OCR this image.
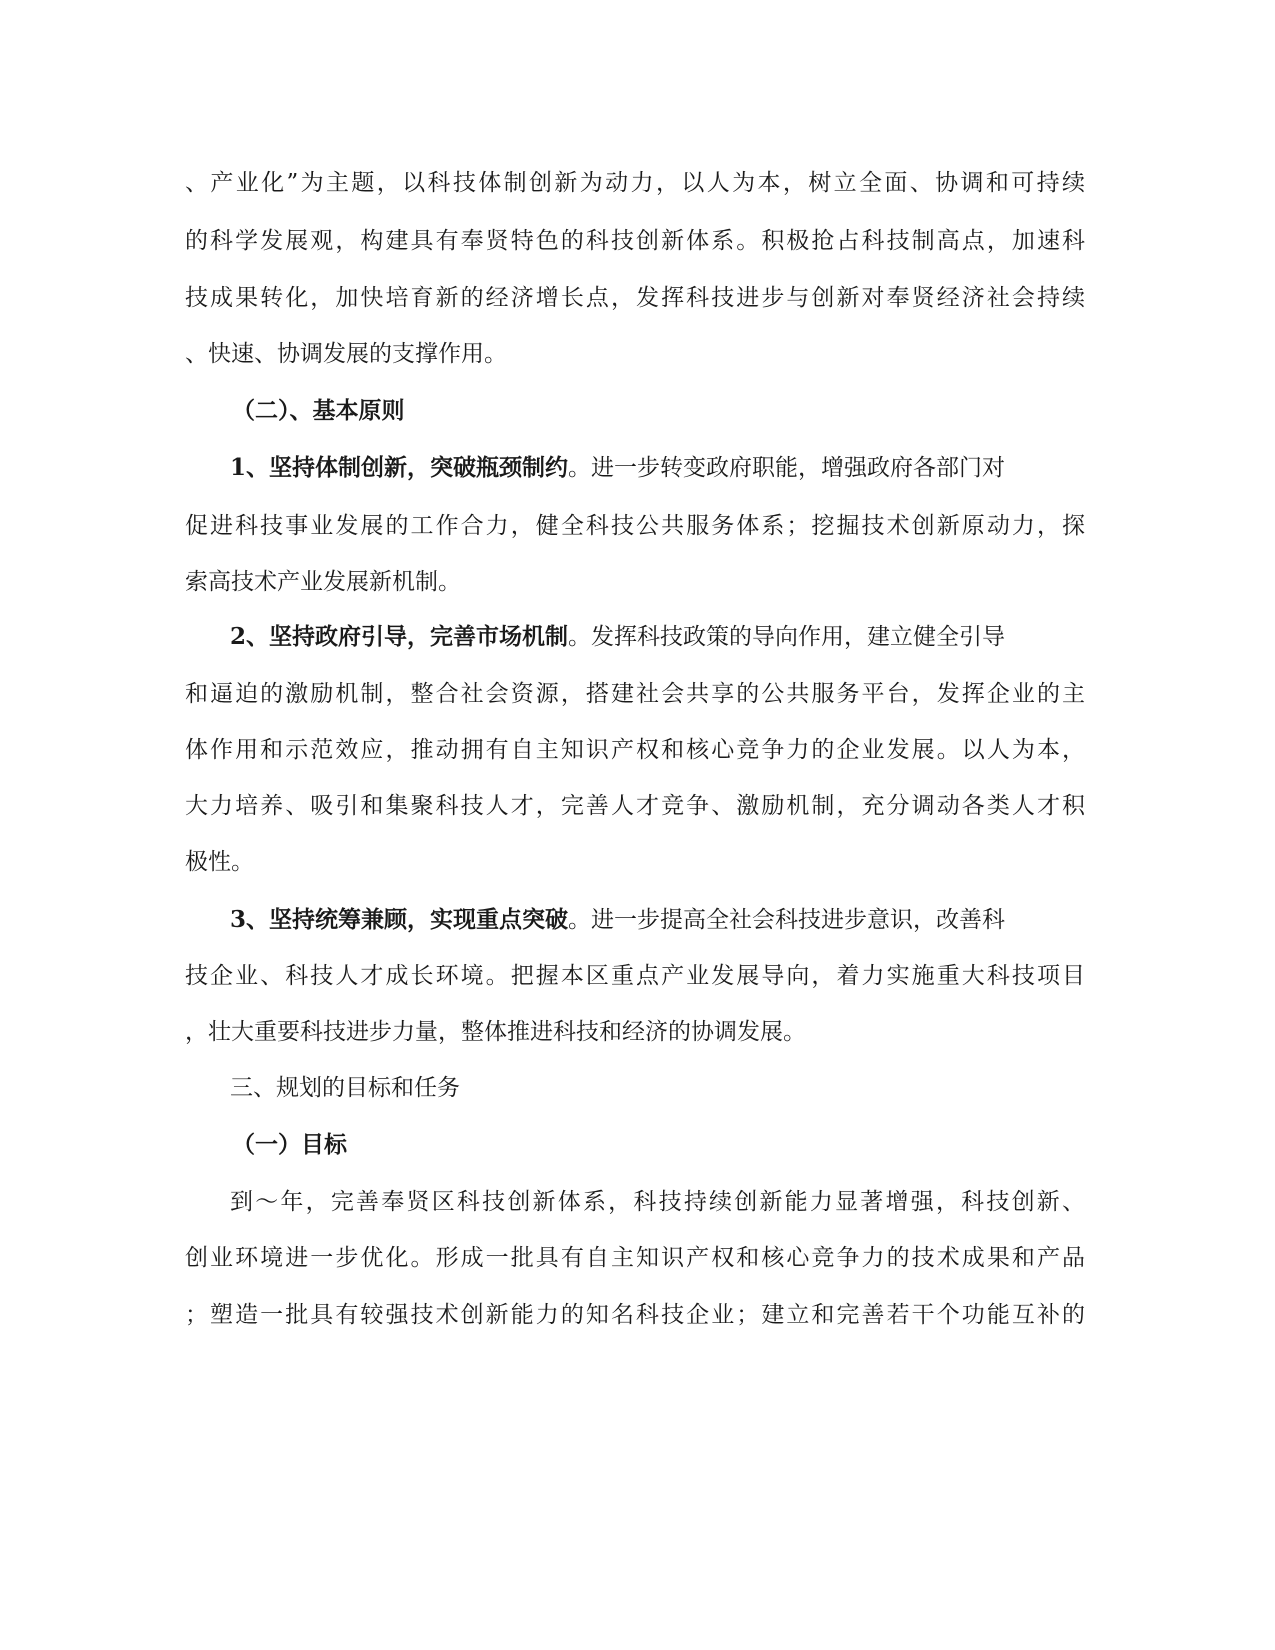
、产业化”为主题，以科技体制创新为动力，以人为本，树立全面、协调和可持续
的科学发展观，构建具有奉贤特色的科技创新体系。积极抢占科技制高点，加速科
技成果转化，加快培育新的经济增长点，发挥科技进步与创新对奉贤经济社会持续
、快速、协调发展的支撑作用。
（二）、基本原则
1、坚持体制创新，突破瓶颈制约。进一步转变政府职能，增强政府各部门对
促进科技事业发展的工作合力，健全科技公共服务体系；挖掘技术创新原动力，探
索高技术产业发展新机制。
2、坚持政府引导，完善市场机制。发挥科技政策的导向作用，建立健全引导
和逼迫的激励机制，整合社会资源，搭建社会共享的公共服务平台，发挥企业的主
体作用和示范效应，推动拥有自主知识产权和核心竞争力的企业发展。以人为本，
大力培养、吸引和集聚科技人才，完善人才竞争、激励机制，充分调动各类人才积
极性。
3、坚持统筹兼顾，实现重点突破。进一步提高全社会科技进步意识，改善科
技企业、科技人才成长环境。把握本区重点产业发展导向，着力实施重大科技项目
，壮大重要科技进步力量，整体推进科技和经济的协调发展。
三、规划的目标和任务
（一）目标
到～年，完善奉贤区科技创新体系，科技持续创新能力显著增强，科技创新、
创业环境进一步优化。形成一批具有自主知识产权和核心竞争力的技术成果和产品
；塑造一批具有较强技术创新能力的知名科技企业；建立和完善若干个功能互补的
